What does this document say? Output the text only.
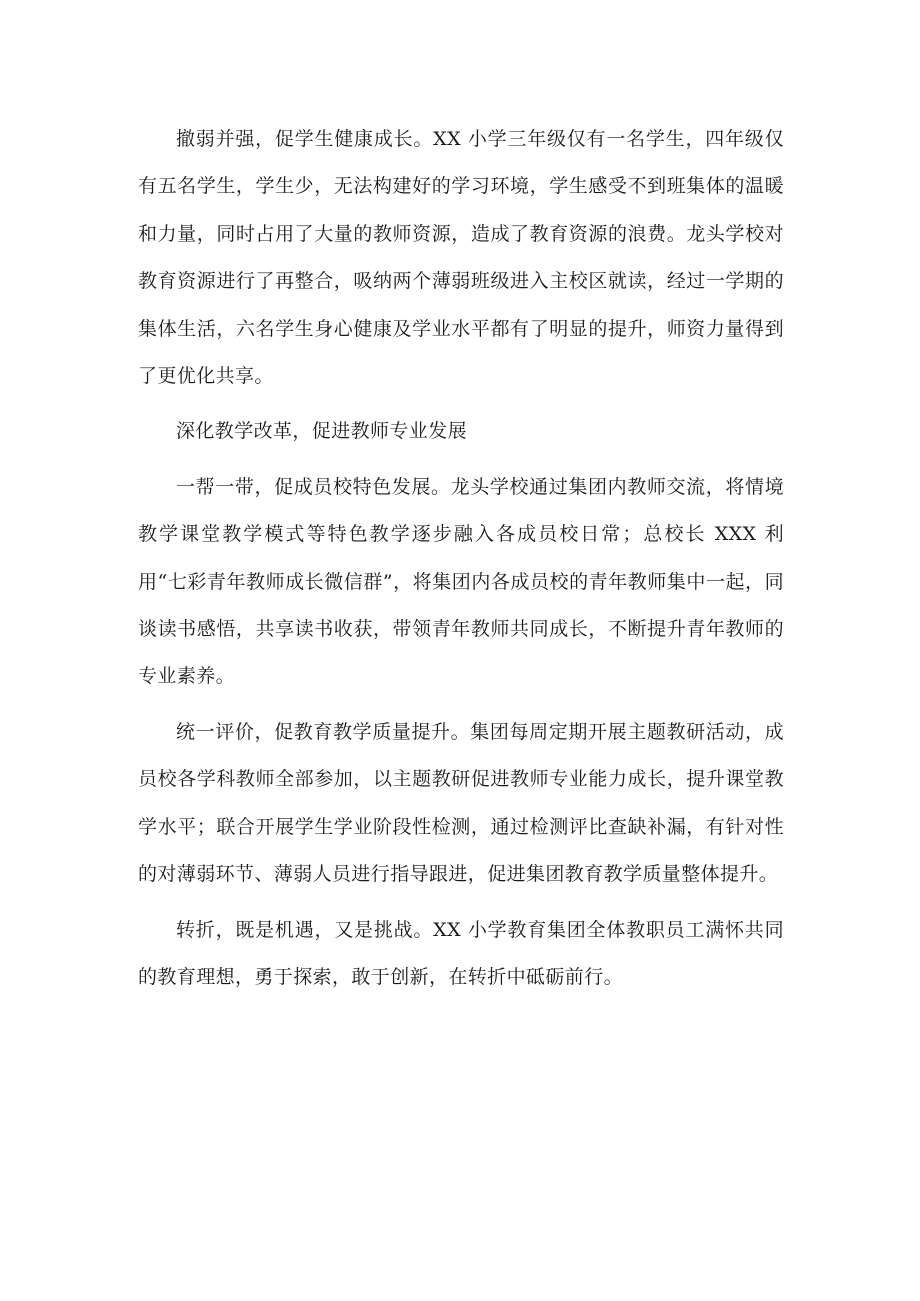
撤弱并强，促学生健康成长。XX 小学三年级仅有一名学生，四年级仅有五名学生，学生少，无法构建好的学习环境，学生感受不到班集体的温暖和力量，同时占用了大量的教师资源，造成了教育资源的浪费。龙头学校对教育资源进行了再整合，吸纳两个薄弱班级进入主校区就读，经过一学期的集体生活，六名学生身心健康及学业水平都有了明显的提升，师资力量得到了更优化共享。

深化教学改革，促进教师专业发展

一帮一带，促成员校特色发展。龙头学校通过集团内教师交流，将情境教学课堂教学模式等特色教学逐步融入各成员校日常；总校长 XXX 利用“七彩青年教师成长微信群”，将集团内各成员校的青年教师集中一起，同谈读书感悟，共享读书收获，带领青年教师共同成长，不断提升青年教师的专业素养。

统一评价，促教育教学质量提升。集团每周定期开展主题教研活动，成员校各学科教师全部参加，以主题教研促进教师专业能力成长，提升课堂教学水平；联合开展学生学业阶段性检测，通过检测评比查缺补漏，有针对性的对薄弱环节、薄弱人员进行指导跟进，促进集团教育教学质量整体提升。

转折，既是机遇，又是挑战。XX 小学教育集团全体教职员工满怀共同的教育理想，勇于探索，敢于创新，在转折中砥砺前行。
